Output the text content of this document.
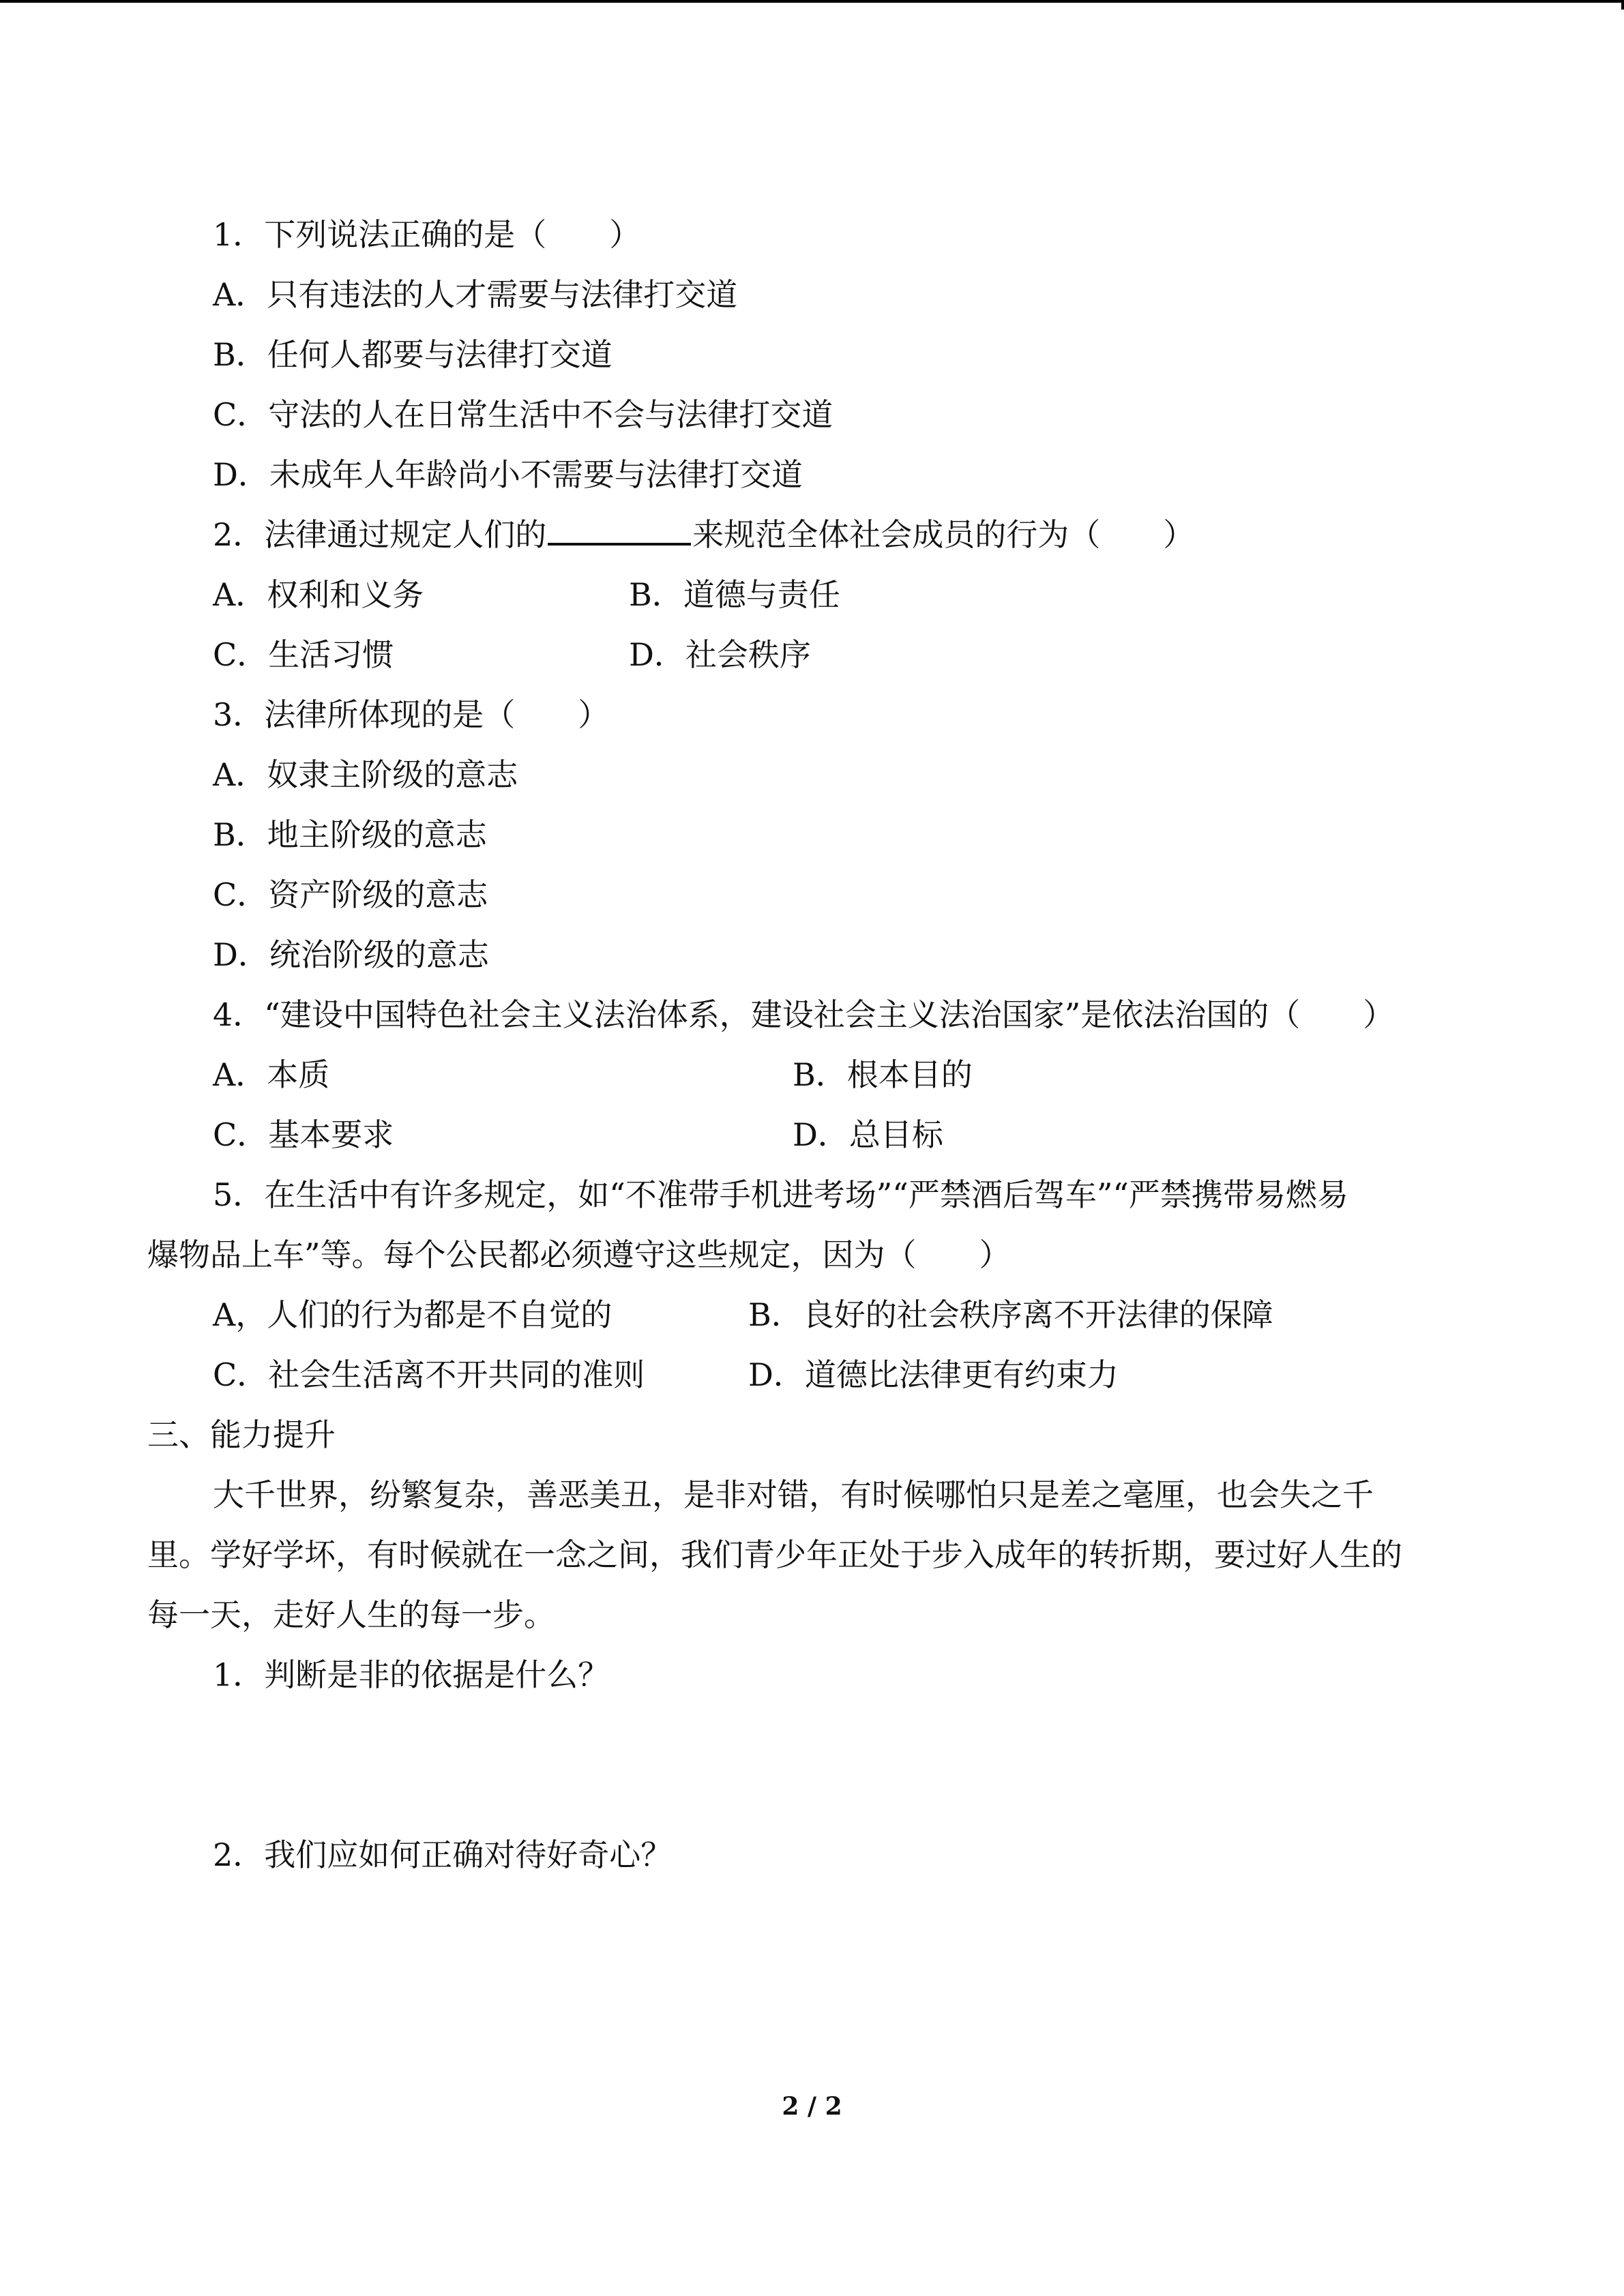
1．下列说法正确的是（　　）
A．只有违法的人才需要与法律打交道
B．任何人都要与法律打交道
C．守法的人在日常生活中不会与法律打交道
D．未成年人年龄尚小不需要与法律打交道
2．法律通过规定人们的	来规范全体社会成员的行为（　　）
A．权利和义务	B．道德与责任
C．生活习惯	D．社会秩序
3．法律所体现的是（　　）
A．奴隶主阶级的意志
B．地主阶级的意志
C．资产阶级的意志
D．统治阶级的意志
4．“建设中国特色社会主义法治体系，建设社会主义法治国家”是依法治国的（　　）
A．本质	B．根本目的
C．基本要求	D．总目标
5．在生活中有许多规定，如“不准带手机进考场”“严禁酒后驾车”“严禁携带易燃易
爆物品上车”等。每个公民都必须遵守这些规定，因为（　　）
A，人们的行为都是不自觉的	B．良好的社会秩序离不开法律的保障
C．社会生活离不开共同的准则	D．道德比法律更有约束力
三、能力提升
大千世界，纷繁复杂，善恶美丑，是非对错，有时候哪怕只是差之毫厘，也会失之千
里。学好学坏，有时候就在一念之间，我们青少年正处于步入成年的转折期，要过好人生的
每一天，走好人生的每一步。
1．判断是非的依据是什么？
2．我们应如何正确对待好奇心？
2 / 2
